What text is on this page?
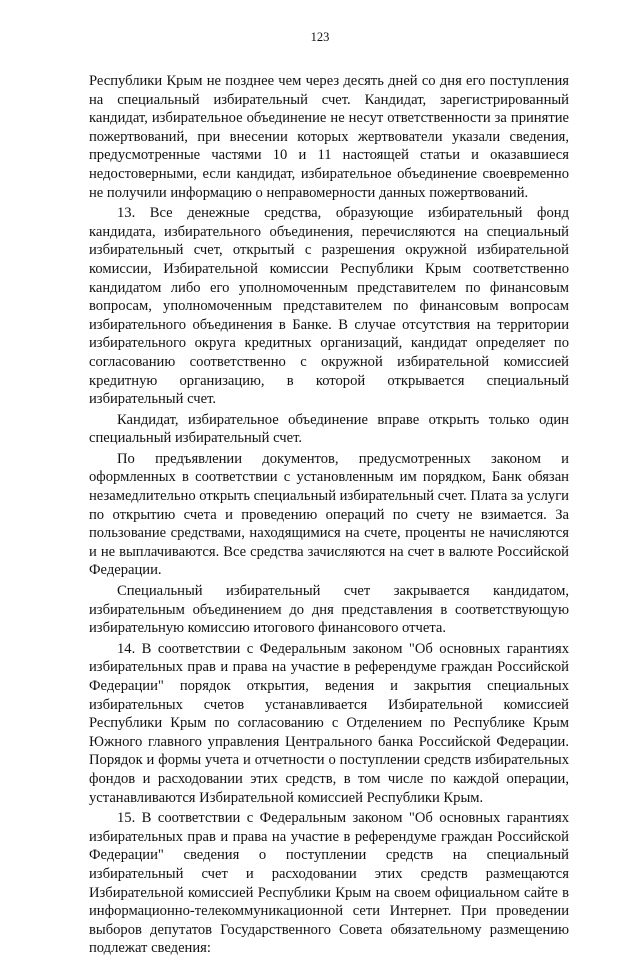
123

Республики Крым не позднее чем через десять дней со дня его поступления на специальный избирательный счет. Кандидат, зарегистрированный кандидат, избирательное объединение не несут ответственности за принятие пожертвований, при внесении которых жертвователи указали сведения, предусмотренные частями 10 и 11 настоящей статьи и оказавшиеся недостоверными, если кандидат, избирательное объединение своевременно не получили информацию о неправомерности данных пожертвований.

13. Все денежные средства, образующие избирательный фонд кандидата, избирательного объединения, перечисляются на специальный избирательный счет, открытый с разрешения окружной избирательной комиссии, Избирательной комиссии Республики Крым соответственно кандидатом либо его уполномоченным представителем по финансовым вопросам, уполномоченным представителем по финансовым вопросам избирательного объединения в Банке. В случае отсутствия на территории избирательного округа кредитных организаций, кандидат определяет по согласованию соответственно с окружной избирательной комиссией кредитную организацию, в которой открывается специальный избирательный счет.

Кандидат, избирательное объединение вправе открыть только один специальный избирательный счет.

По предъявлении документов, предусмотренных законом и оформленных в соответствии с установленным им порядком, Банк обязан незамедлительно открыть специальный избирательный счет. Плата за услуги по открытию счета и проведению операций по счету не взимается. За пользование средствами, находящимися на счете, проценты не начисляются и не выплачиваются. Все средства зачисляются на счет в валюте Российской Федерации.

Специальный избирательный счет закрывается кандидатом, избирательным объединением до дня представления в соответствующую избирательную комиссию итогового финансового отчета.

14. В соответствии с Федеральным законом "Об основных гарантиях избирательных прав и права на участие в референдуме граждан Российской Федерации" порядок открытия, ведения и закрытия специальных избирательных счетов устанавливается Избирательной комиссией Республики Крым по согласованию с Отделением по Республике Крым Южного главного управления Центрального банка Российской Федерации. Порядок и формы учета и отчетности о поступлении средств избирательных фондов и расходовании этих средств, в том числе по каждой операции, устанавливаются Избирательной комиссией Республики Крым.

15. В соответствии с Федеральным законом "Об основных гарантиях избирательных прав и права на участие в референдуме граждан Российской Федерации" сведения о поступлении средств на специальный избирательный счет и расходовании этих средств размещаются Избирательной комиссией Республики Крым на своем официальном сайте в информационно-телекоммуникационной сети Интернет. При проведении выборов депутатов Государственного Совета обязательному размещению подлежат сведения:
